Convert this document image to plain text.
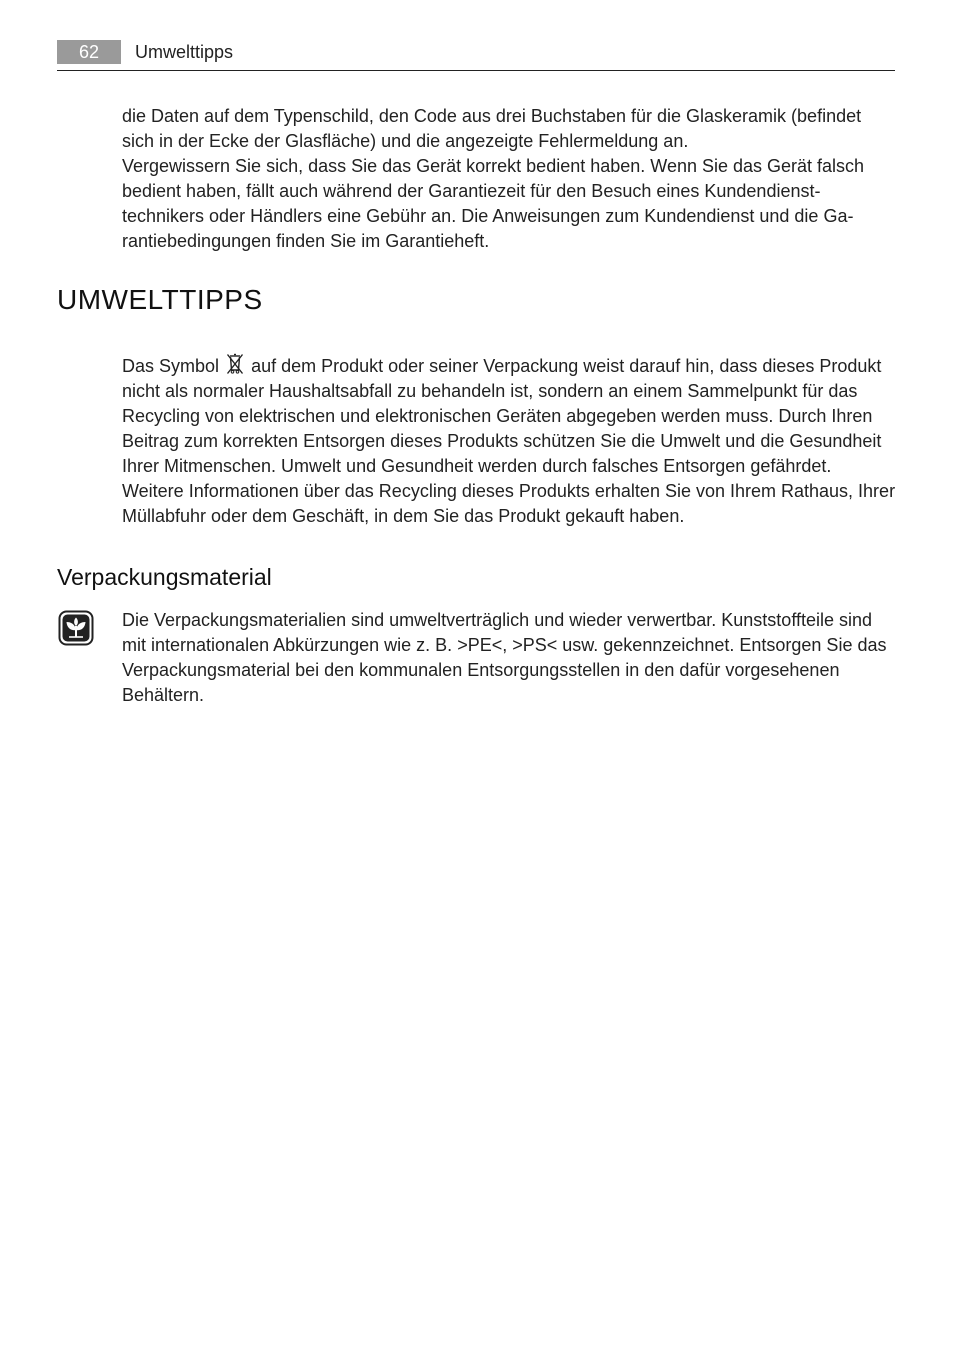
62	Umwelttipps

die Daten auf dem Typenschild, den Code aus drei Buchstaben für die Glaskeramik (befindet sich in der Ecke der Glasfläche) und die angezeigte Fehlermeldung an.

Vergewissern Sie sich, dass Sie das Gerät korrekt bedient haben. Wenn Sie das Gerät falsch bedient haben, fällt auch während der Garantiezeit für den Besuch eines Kundendiensttechnikers oder Händlers eine Gebühr an. Die Anweisungen zum Kundendienst und die Garantiebedingungen finden Sie im Garantieheft.

UMWELTTIPPS

Das Symbol auf dem Produkt oder seiner Verpackung weist darauf hin, dass dieses Produkt nicht als normaler Haushaltsabfall zu behandeln ist, sondern an einem Sammelpunkt für das Recycling von elektrischen und elektronischen Geräten abgegeben werden muss. Durch Ihren Beitrag zum korrekten Entsorgen dieses Produkts schützen Sie die Umwelt und die Gesundheit Ihrer Mitmenschen. Umwelt und Gesundheit werden durch falsches Entsorgen gefährdet. Weitere Informationen über das Recycling dieses Produkts erhalten Sie von Ihrem Rathaus, Ihrer Müllabfuhr oder dem Geschäft, in dem Sie das Produkt gekauft haben.

Verpackungsmaterial

Die Verpackungsmaterialien sind umweltverträglich und wieder verwertbar. Kunststoffteile sind mit internationalen Abkürzungen wie z. B. >PE<, >PS< usw. gekennzeichnet. Entsorgen Sie das Verpackungsmaterial bei den kommunalen Entsorgungsstellen in den dafür vorgesehenen Behältern.
